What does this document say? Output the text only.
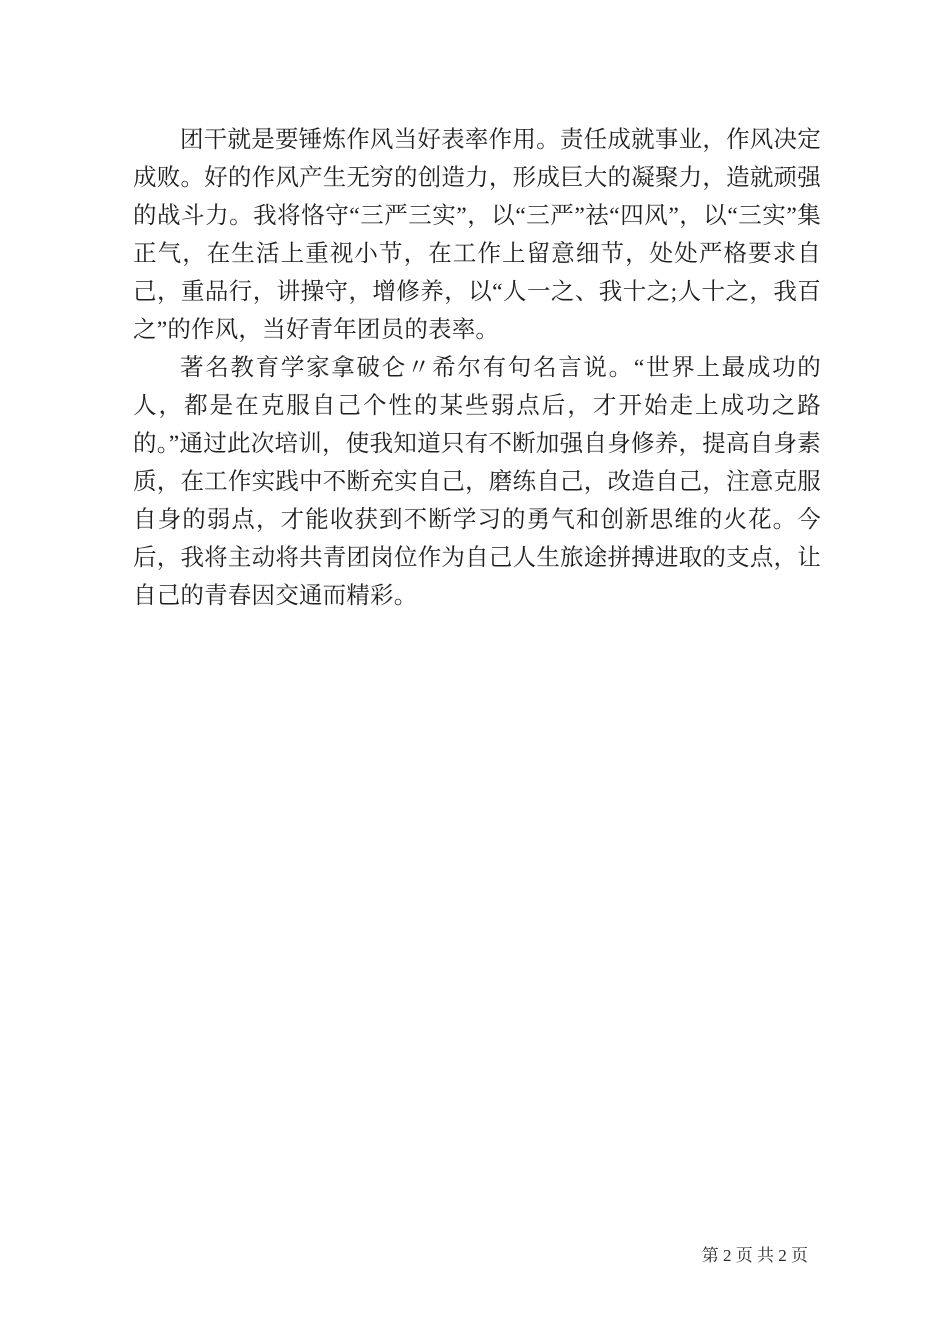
团干就是要锤炼作风当好表率作用。责任成就事业，作风决定成败。好的作风产生无穷的创造力，形成巨大的凝聚力，造就顽强的战斗力。我将恪守“三严三实”，以“三严”祛“四风”，以“三实”集正气，在生活上重视小节，在工作上留意细节，处处严格要求自己，重品行，讲操守，增修养，以“人一之、我十之;人十之，我百之”的作风，当好青年团员的表率。

著名教育学家拿破仑〃希尔有句名言说。“世界上最成功的人，都是在克服自己个性的某些弱点后，才开始走上成功之路的。”通过此次培训，使我知道只有不断加强自身修养，提高自身素质，在工作实践中不断充实自己，磨练自己，改造自己，注意克服自身的弱点，才能收获到不断学习的勇气和创新思维的火花。今后，我将主动将共青团岗位作为自己人生旅途拼搏进取的支点，让自己的青春因交通而精彩。

第 2 页 共 2 页
